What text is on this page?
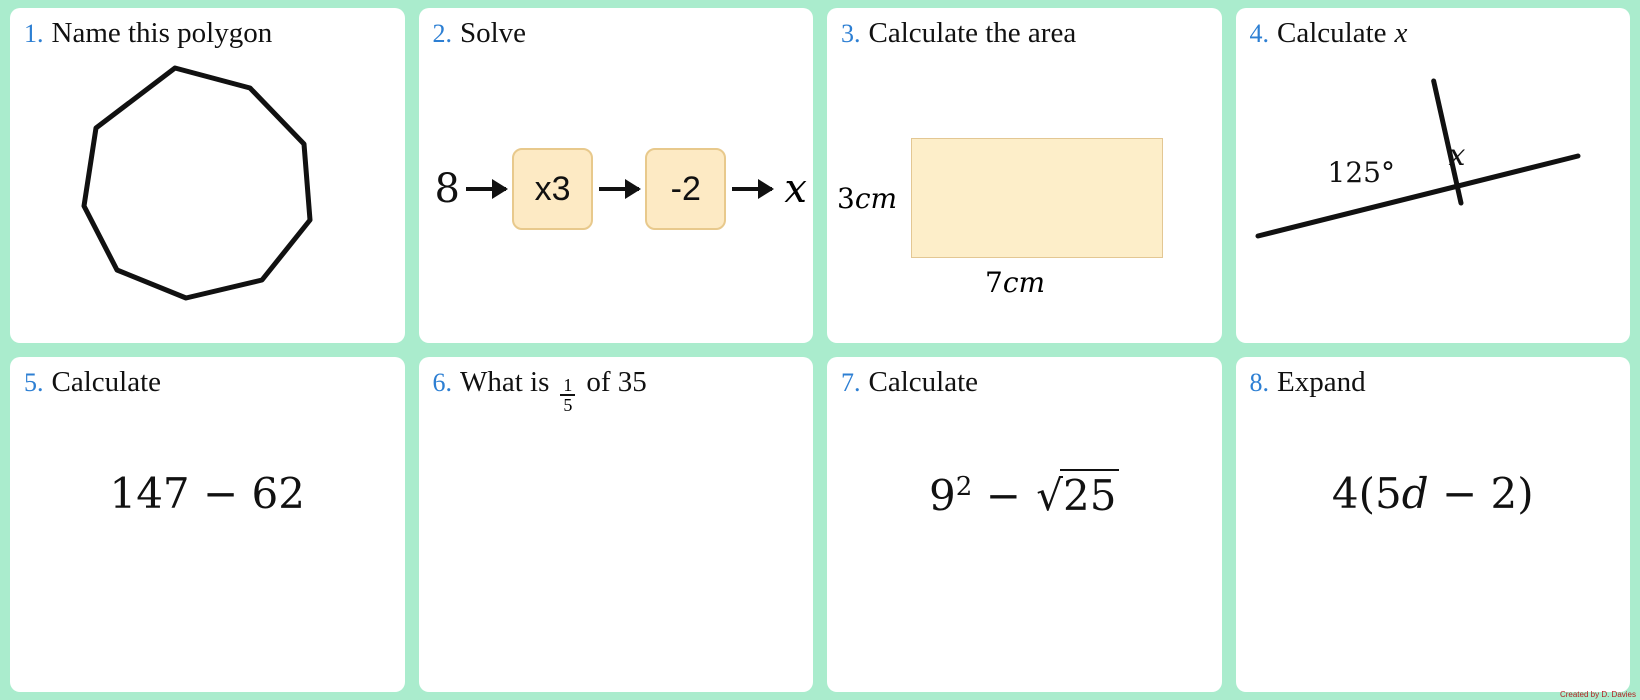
1. Name this polygon	2. Solve
8	x3	-2	x
3. Calculate the area
3cm
7cm
4. Calculate x
125° x
5. Calculate
147 − 62
6. What is $\frac{1}{5}$ of 35	7. Calculate
$9^2 - √25$
8. Expand
4(5d − 2)
Created by D. Davies
